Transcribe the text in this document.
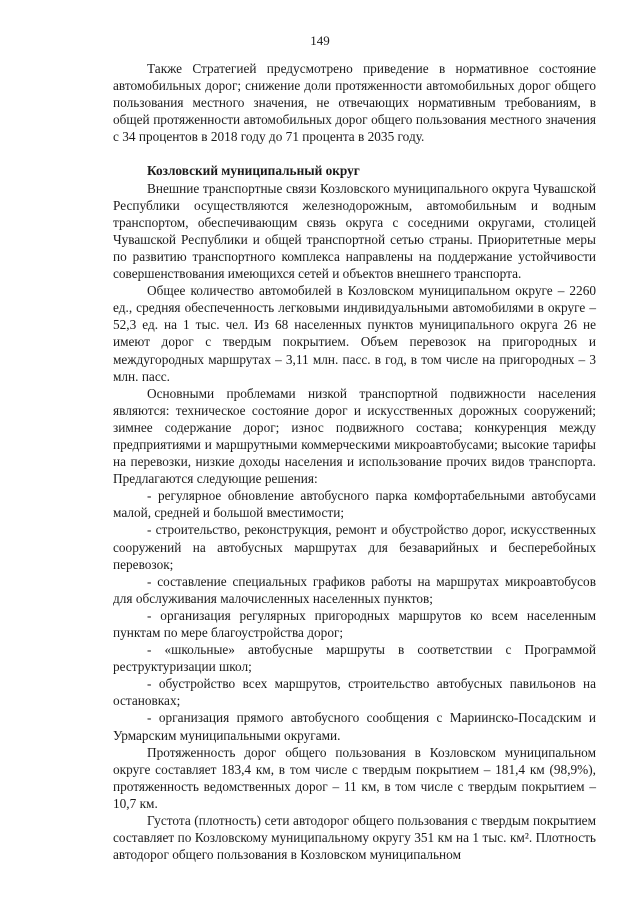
149

Также Стратегией предусмотрено приведение в нормативное состояние автомобильных дорог; снижение доли протяженности автомобильных дорог общего пользования местного значения, не отвечающих нормативным требованиям, в общей протяженности автомобильных дорог общего пользования местного значения с 34 процентов в 2018 году до 71 процента в 2035 году.

Козловский муниципальный округ

Внешние транспортные связи Козловского муниципального округа Чувашской Республики осуществляются железнодорожным, автомобильным и водным транспортом, обеспечивающим связь округа с соседними округами, столицей Чувашской Республики и общей транспортной сетью страны. Приоритетные меры по развитию транспортного комплекса направлены на поддержание устойчивости совершенствования имеющихся сетей и объектов внешнего транспорта.

Общее количество автомобилей в Козловском муниципальном округе – 2260 ед., средняя обеспеченность легковыми индивидуальными автомобилями в округе – 52,3 ед. на 1 тыс. чел. Из 68 населенных пунктов муниципального округа 26 не имеют дорог с твердым покрытием. Объем перевозок на пригородных и междугородных маршрутах – 3,11 млн. пасс. в год, в том числе на пригородных – 3 млн. пасс.

Основными проблемами низкой транспортной подвижности населения являются: техническое состояние дорог и искусственных дорожных сооружений; зимнее содержание дорог; износ подвижного состава; конкуренция между предприятиями и маршрутными коммерческими микроавтобусами; высокие тарифы на перевозки, низкие доходы населения и использование прочих видов транспорта. Предлагаются следующие решения:

- регулярное обновление автобусного парка комфортабельными автобусами малой, средней и большой вместимости;

- строительство, реконструкция, ремонт и обустройство дорог, искусственных сооружений на автобусных маршрутах для безаварийных и бесперебойных перевозок;

- составление специальных графиков работы на маршрутах микроавтобусов для обслуживания малочисленных населенных пунктов;

- организация регулярных пригородных маршрутов ко всем населенным пунктам по мере благоустройства дорог;

- «школьные» автобусные маршруты в соответствии с Программой реструктуризации школ;

- обустройство всех маршрутов, строительство автобусных павильонов на остановках;

- организация прямого автобусного сообщения с Мариинско-Посадским и Урмарским муниципальными округами.

Протяженность дорог общего пользования в Козловском муниципальном округе составляет 183,4 км, в том числе с твердым покрытием – 181,4 км (98,9%), протяженность ведомственных дорог – 11 км, в том числе с твердым покрытием – 10,7 км.

Густота (плотность) сети автодорог общего пользования с твердым покрытием составляет по Козловскому муниципальному округу 351 км на 1 тыс. км². Плотность автодорог общего пользования в Козловском муниципальном
